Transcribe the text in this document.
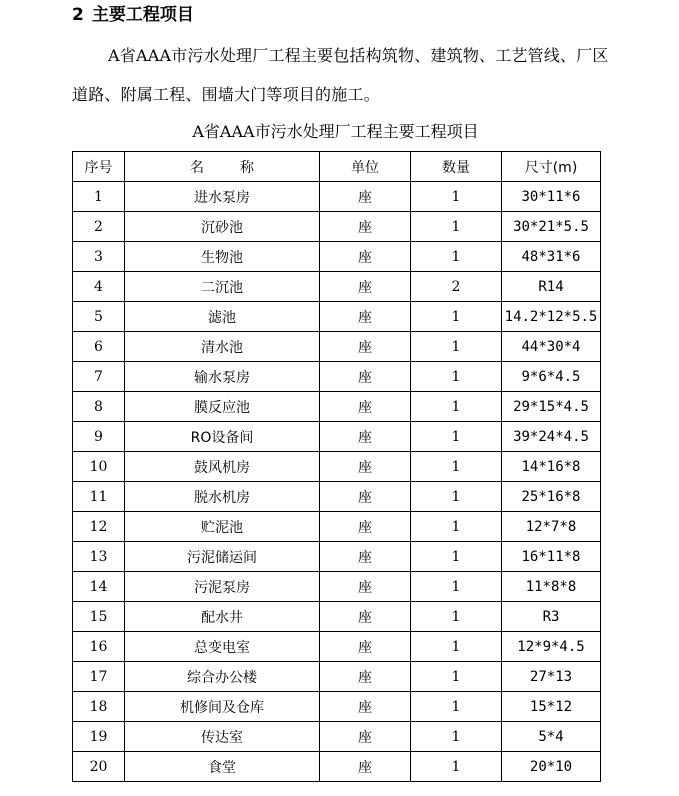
2 主要工程项目
A省AAA市污水处理厂工程主要包括构筑物、建筑物、工艺管线、厂区道路、附属工程、围墙大门等项目的施工。
A省AAA市污水处理厂工程主要工程项目
序号	名称	单位	数量	尺寸(m)
1	进水泵房	座	1	30*11*6
2	沉砂池	座	1	30*21*5.5
3	生物池	座	1	48*31*6
4	二沉池	座	2	R14
5	滤池	座	1	14.2*12*5.5
6	清水池	座	1	44*30*4
7	输水泵房	座	1	9*6*4.5
8	膜反应池	座	1	29*15*4.5
9	RO设备间	座	1	39*24*4.5
10	鼓风机房	座	1	14*16*8
11	脱水机房	座	1	25*16*8
12	贮泥池	座	1	12*7*8
13	污泥储运间	座	1	16*11*8
14	污泥泵房	座	1	11*8*8
15	配水井	座	1	R3
16	总变电室	座	1	12*9*4.5
17	综合办公楼	座	1	27*13
18	机修间及仓库	座	1	15*12
19	传达室	座	1	5*4
20	食堂	座	1	20*10
